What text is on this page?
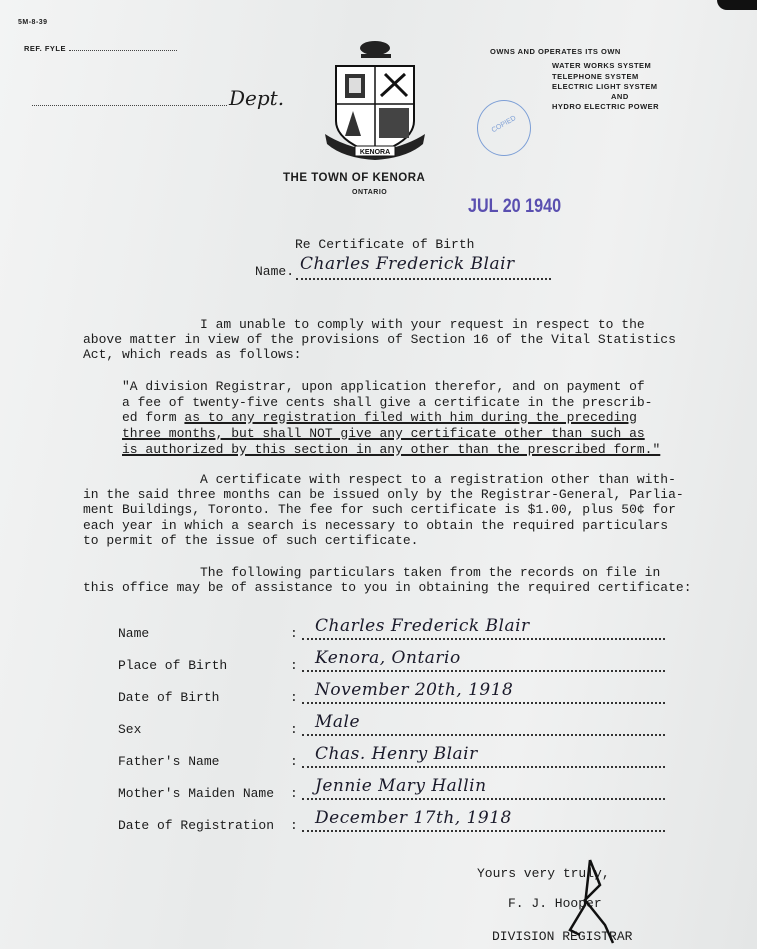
5M-8-39
REF. FYLE
Dept.
KENORA
THE TOWN OF KENORA
ONTARIO
OWNS AND OPERATES ITS OWN
WATER WORKS SYSTEM
TELEPHONE SYSTEM
ELECTRIC LIGHT SYSTEM
AND
HYDRO ELECTRIC POWER
COPIED
JUL 20 1940
Re Certificate of Birth
Name. Charles Frederick Blair
I am unable to comply with your request in respect to the
above matter in view of the provisions of Section 16 of the Vital Statistics
Act, which reads as follows:
"A division Registrar, upon application therefor, and on payment of
a fee of twenty-five cents shall give a certificate in the prescrib-
ed form as to any registration filed with him during the preceding
three months, but shall NOT give any certificate other than such as
is authorized by this section in any other than the prescribed form."
A certificate with respect to a registration other than with-
in the said three months can be issued only by the Registrar-General, Parlia-
ment Buildings, Toronto. The fee for such certificate is $1.00, plus 50¢ for
each year in which a search is necessary to obtain the required particulars
to permit of the issue of such certificate.
The following particulars taken from the records on file in
this office may be of assistance to you in obtaining the required certificate:
Name	: Charles Frederick Blair
Place of Birth	: Kenora, Ontario
Date of Birth	: November 20th, 1918
Sex	: Male
Father's Name	: Chas. Henry Blair
Mother's Maiden Name : Jennie Mary Hallin
Date of Registration : December 17th, 1918
Yours very truly,
F. J. Hooper
DIVISION REGISTRAR
